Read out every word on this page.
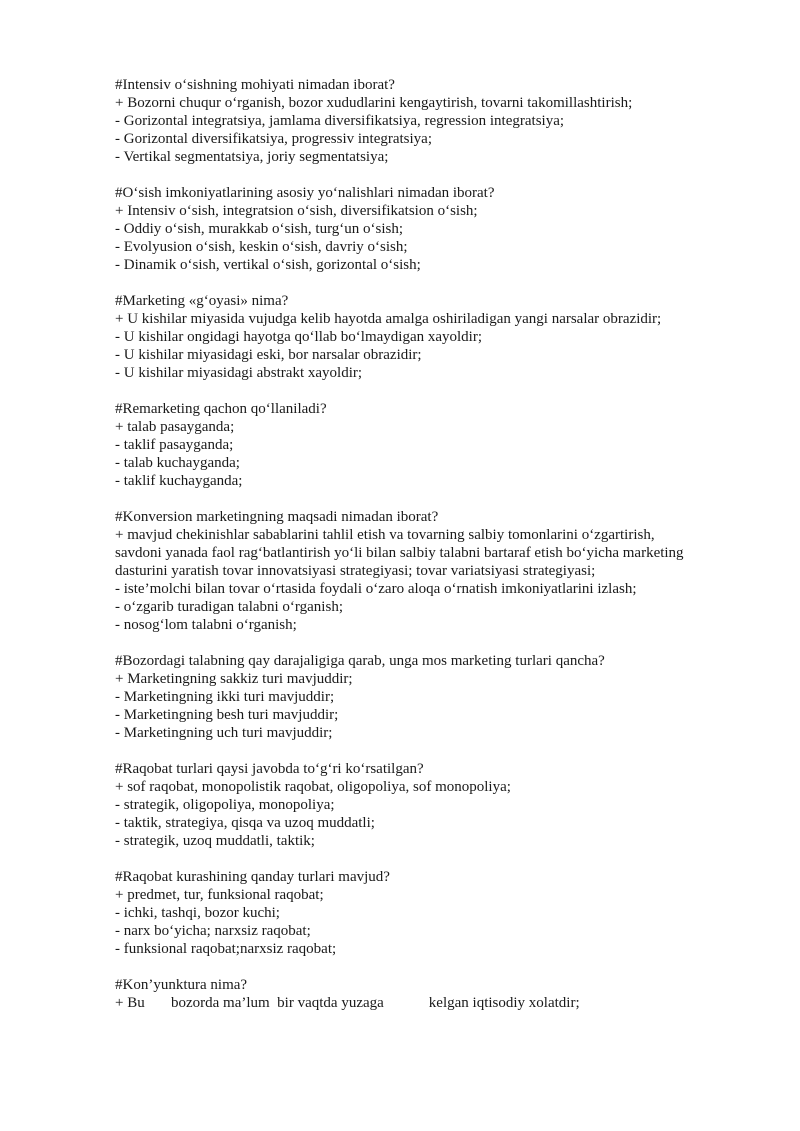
#Intensiv o‘sishning mohiyati nimadan iborat?
+ Bozorni chuqur o‘rganish, bozor xududlarini kengaytirish, tovarni takomillashtirish;
- Gorizontal integratsiya, jamlama diversifikatsiya, regression integratsiya;
- Gorizontal diversifikatsiya, progressiv integratsiya;
- Vertikal segmentatsiya, joriy segmentatsiya;
#O‘sish imkoniyatlarining asosiy yo‘nalishlari nimadan iborat?
+ Intensiv o‘sish, integratsion o‘sish, diversifikatsion o‘sish;
- Oddiy o‘sish, murakkab o‘sish, turg‘un o‘sish;
- Evolyusion o‘sish, keskin o‘sish, davriy o‘sish;
- Dinamik o‘sish, vertikal o‘sish, gorizontal o‘sish;
#Marketing «g‘oyasi» nima?
+ U kishilar miyasida vujudga kelib hayotda amalga oshiriladigan yangi narsalar obrazidir;
- U kishilar ongidagi hayotga qo‘llab bo‘lmaydigan xayoldir;
- U kishilar miyasidagi eski, bor narsalar obrazidir;
- U kishilar miyasidagi abstrakt xayoldir;
#Remarketing qachon qo‘llaniladi?
+ talab pasayganda;
- taklif pasayganda;
- talab kuchayganda;
- taklif kuchayganda;
#Konversion marketingning maqsadi nimadan iborat?
+ mavjud chekinishlar sabablarini tahlil etish va tovarning salbiy tomonlarini o‘zgartirish,
savdoni yanada faol rag‘batlantirish yo‘li bilan salbiy talabni bartaraf etish bo‘yicha marketing
dasturini yaratish tovar innovatsiyasi strategiyasi; tovar variatsiyasi strategiyasi;
- iste’molchi bilan tovar o‘rtasida foydali o‘zaro aloqa o‘rnatish imkoniyatlarini izlash;
- o‘zgarib turadigan talabni o‘rganish;
- nosog‘lom talabni o‘rganish;
#Bozordagi talabning qay darajaligiga qarab, unga mos marketing turlari qancha?
+ Marketingning sakkiz turi mavjuddir;
- Marketingning ikki turi mavjuddir;
- Marketingning besh turi mavjuddir;
- Marketingning uch turi mavjuddir;
#Raqobat turlari qaysi javobda to‘g‘ri ko‘rsatilgan?
+ sof raqobat, monopolistik raqobat, oligopoliya, sof monopoliya;
- strategik, oligopoliya, monopoliya;
- taktik, strategiya, qisqa va uzoq muddatli;
- strategik, uzoq muddatli, taktik;
#Raqobat kurashining qanday turlari mavjud?
+ predmet, tur, funksional raqobat;
- ichki, tashqi, bozor kuchi;
- narx bo‘yicha; narxsiz raqobat;
- funksional raqobat;narxsiz raqobat;
#Kon’yunktura nima?
+ Bu       bozorda ma’lum  bir vaqtda yuzaga            kelgan iqtisodiy xolatdir;
